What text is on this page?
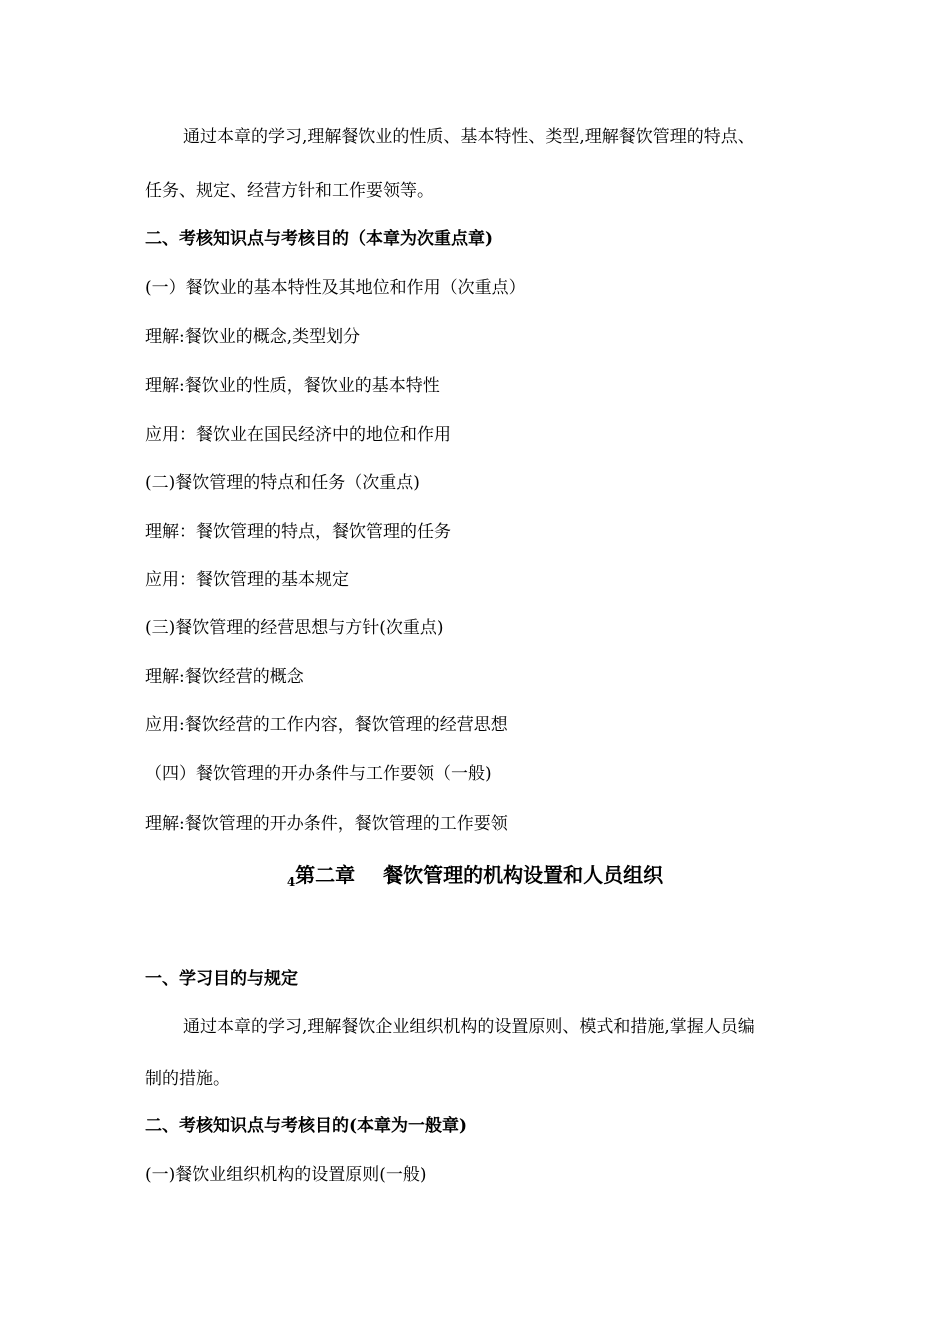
通过本章的学习,理解餐饮业的性质、基本特性、类型,理解餐饮管理的特点、
任务、规定、经营方针和工作要领等。
二、考核知识点与考核目的（本章为次重点章)
(一）餐饮业的基本特性及其地位和作用（次重点）
理解:餐饮业的概念,类型划分
理解:餐饮业的性质，餐饮业的基本特性
应用：餐饮业在国民经济中的地位和作用
(二)餐饮管理的特点和任务（次重点)
理解：餐饮管理的特点，餐饮管理的任务
应用：餐饮管理的基本规定
(三)餐饮管理的经营思想与方针(次重点)
理解:餐饮经营的概念
应用:餐饮经营的工作内容，餐饮管理的经营思想
（四）餐饮管理的开办条件与工作要领（一般)
理解:餐饮管理的开办条件，餐饮管理的工作要领
$_4$第二章 餐饮管理的机构设置和人员组织
一、学习目的与规定
通过本章的学习,理解餐饮企业组织机构的设置原则、模式和措施,掌握人员编
制的措施。
二、考核知识点与考核目的(本章为一般章)
(一)餐饮业组织机构的设置原则(一般)
